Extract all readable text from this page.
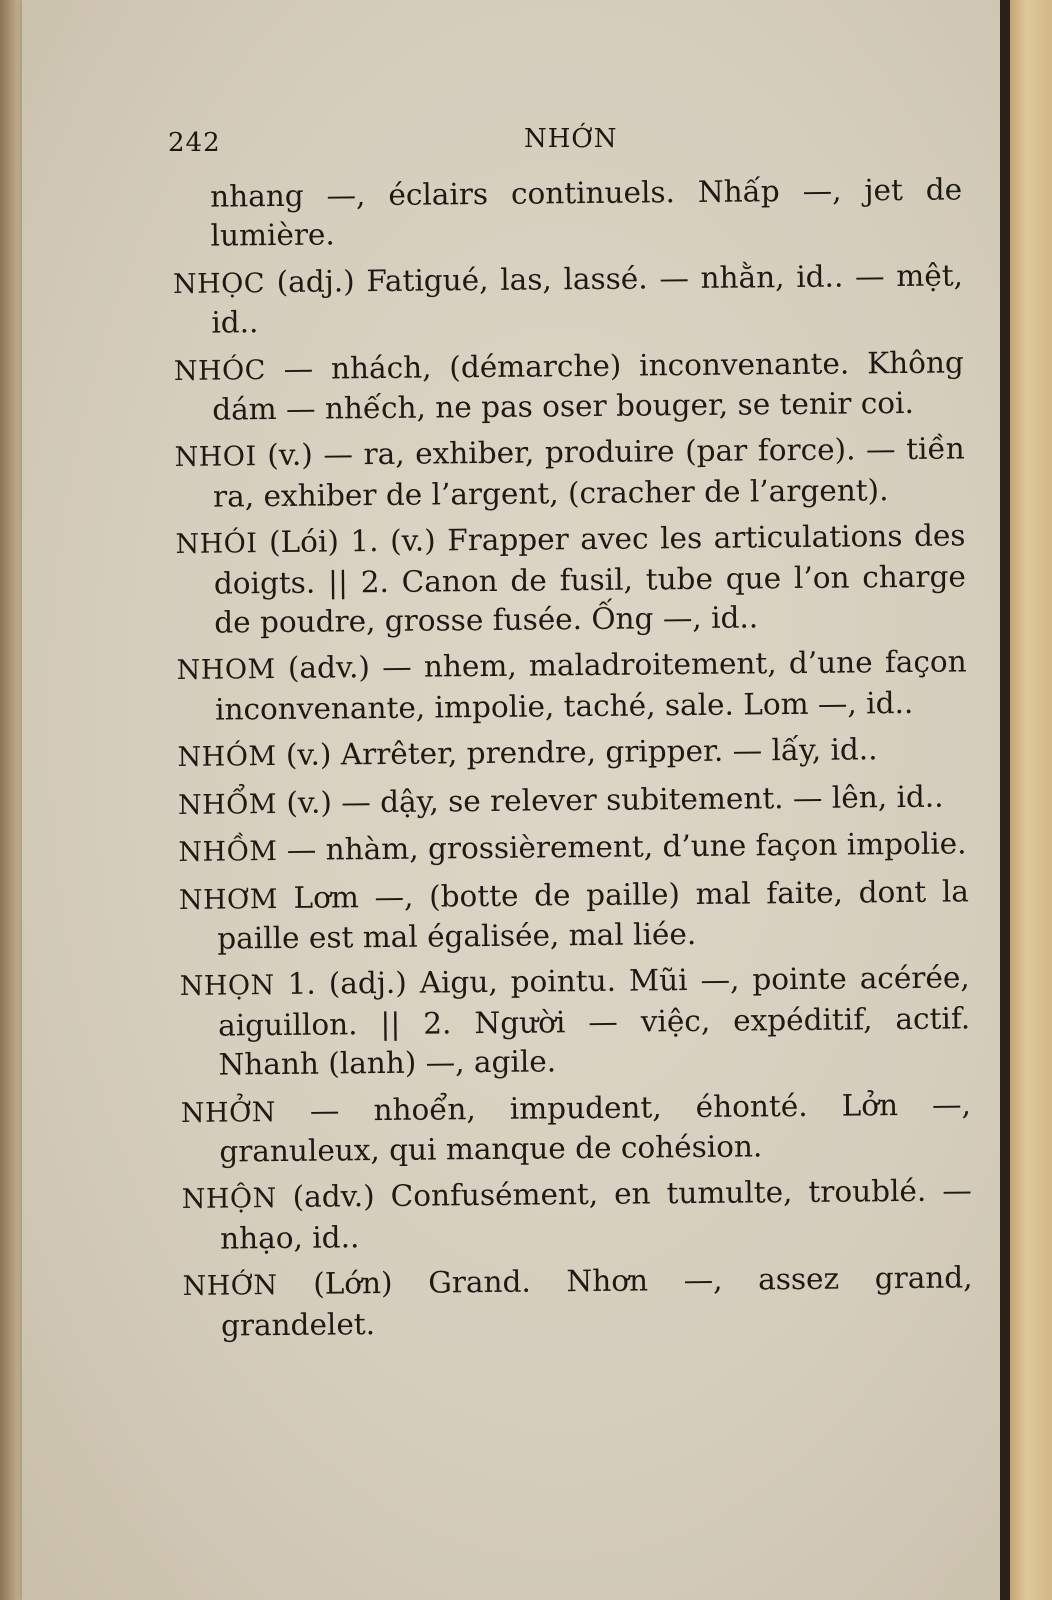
242	NHỚN
nhang —, éclairs continuels. Nhấp —, jet de lumière.
NHỌC (adj.) Fatigué, las, lassé. — nhằn, id.. — mệt, id..
NHÓC — nhách, (démarche) inconvenante. Không dám — nhếch, ne pas oser bouger, se tenir coi.
NHOI (v.) — ra, exhiber, produire (par force). — tiền ra, exhiber de l’argent, (cracher de l’argent).
NHÓI (Lói) 1. (v.) Frapper avec les articulations des doigts. || 2. Canon de fusil, tube que l’on charge de poudre, grosse fusée. Ống —, id..
NHOM (adv.) — nhem, maladroitement, d’une façon inconvenante, impolie, taché, sale. Lom —, id..
NHÓM (v.) Arrêter, prendre, gripper. — lấy, id..
NHỔM (v.) — dậy, se relever subitement. — lên, id..
NHỒM — nhàm, grossièrement, d’une façon impolie.
NHƠM Lơm —, (botte de paille) mal faite, dont la paille est mal égalisée, mal liée.
NHỌN 1. (adj.) Aigu, pointu. Mũi —, pointe acérée, aiguillon. || 2. Người — việc, expéditif, actif. Nhanh (lanh) —, agile.
NHỞN — nhoển, impudent, éhonté. Lởn —, granuleux, qui manque de cohésion.
NHỘN (adv.) Confusément, en tumulte, troublé. — nhạo, id..
NHỚN (Lớn) Grand. Nhơn —, assez grand, grandelet.
